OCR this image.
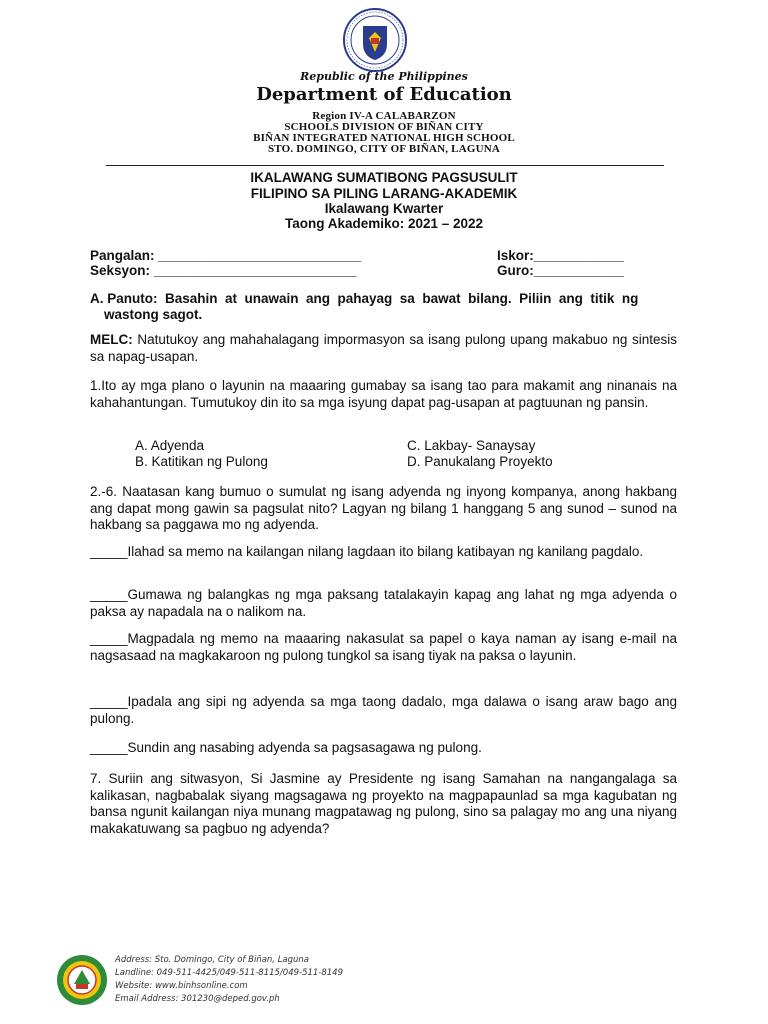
Republic of the Philippines
Department of Education
Region IV-A CALABARZON
SCHOOLS DIVISION OF BIÑAN CITY
BIÑAN INTEGRATED NATIONAL HIGH SCHOOL
STO. DOMINGO, CITY OF BIÑAN, LAGUNA
IKALAWANG SUMATIBONG PAGSUSULIT
FILIPINO SA PILING LARANG-AKADEMIK
Ikalawang Kwarter
Taong Akademiko: 2021 – 2022
Pangalan: ___________________________
Seksyon: ___________________________
Iskor:____________
Guro:____________
A. Panuto:  Basahin  at  unawain  ang  pahayag  sa  bawat  bilang.  Piliin  ang  titik  ng
wastong sagot.
MELC: Natutukoy ang mahahalagang impormasyon sa isang pulong upang makabuo ng sintesis sa napag-usapan.
1.Ito ay mga plano o layunin na maaaring gumabay sa isang tao para makamit ang ninanais na kahahantungan. Tumutukoy din ito sa mga isyung dapat pag-usapan at pagtuunan ng pansin.
A. Adyenda
B. Katitikan ng Pulong
C. Lakbay- Sanaysay
D. Panukalang Proyekto
2.-6. Naatasan kang bumuo o sumulat ng isang adyenda ng inyong kompanya, anong hakbang ang dapat mong gawin sa pagsulat nito? Lagyan ng bilang 1 hanggang 5 ang sunod – sunod na hakbang sa paggawa mo ng adyenda.
_____Ilahad sa memo na kailangan nilang lagdaan ito bilang katibayan ng kanilang pagdalo.
_____Gumawa ng balangkas ng mga paksang tatalakayin kapag ang lahat ng mga adyenda o paksa ay napadala na o nalikom na.
_____Magpadala ng memo na maaaring nakasulat sa papel o kaya naman ay isang e-mail na nagsasaad na magkakaroon ng pulong tungkol sa isang tiyak na paksa o layunin.
_____Ipadala ang sipi ng adyenda sa mga taong dadalo, mga dalawa o isang araw bago ang pulong.
_____Sundin ang nasabing adyenda sa pagsasagawa ng pulong.
7. Suriin ang sitwasyon, Si Jasmine ay Presidente ng isang Samahan na nangangalaga sa kalikasan, nagbabalak siyang magsagawa ng proyekto na magpapaunlad sa mga kagubatan ng bansa ngunit kailangan niya munang magpatawag ng pulong, sino sa palagay mo ang una niyang makakatuwang sa pagbuo ng adyenda?
Address: Sto. Domingo, City of Biñan, Laguna
Landline: 049-511-4425/049-511-8115/049-511-8149
Website: www.binhsonline.com
Email Address: 301230@deped.gov.ph
